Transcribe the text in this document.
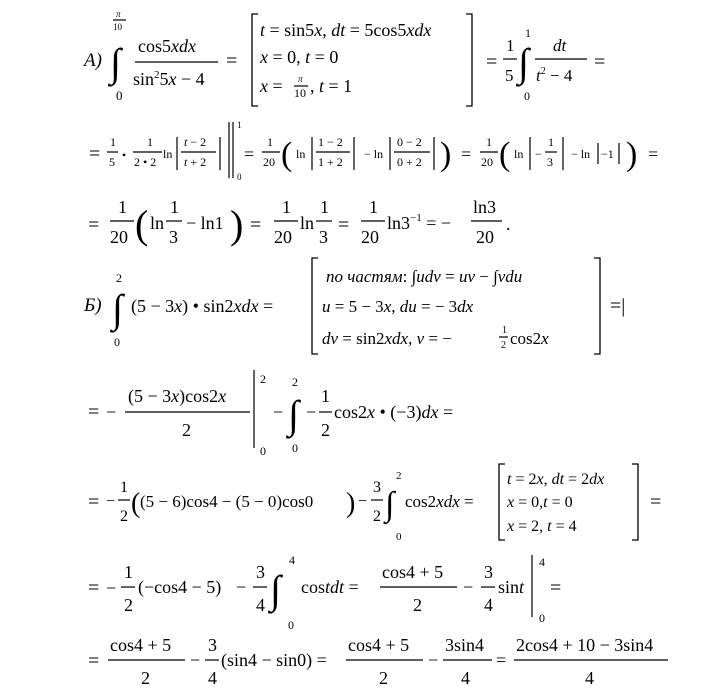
A) ∫
π
10
0
cos5xdx
$\sin^25x - 4$
=
t = sin5x, dt = 5cos5xdx
x = 0, t = 0
x = π
10 , t = 1
=
1
5 ∫
1
0
dt
$t^2 - 4$
=
=
1
5 •
1
2 • 2
ln
t − 2
t + 2
1
0
=
1
20 ( ln
1 − 2
1 + 2
− ln
0 − 2
0 + 2 ) =
1
20 ( ln −
1
3
− ln −1 ) =
=
1
20 ( ln
1
3
− ln1 ) =
1
20
ln
1
3
=
1
20
$\ln 3^{-1}$ = −
ln3
20
.
Б) ∫
2
0
(5 − 3x) • sin2xdx =
по частям: ∫udv = uv − ∫vdu
u = 5 − 3x, du = − 3dx
dv = sin2xdx, v = −	1
2 cos2x
=|
= −
(5 − 3x)cos2x
2
2
0
− ∫
2
0
−
1
2
cos2x • (−3)dx =
= −
1
2 ( (5 − 6)cos4 − (5 − 0)cos0 ) −
3
2 ∫
2
0
cos2xdx =
t = 2x, dt = 2dx
x = 0,t = 0
x = 2, t = 4
=
= −
1
2
(−cos4 − 5) −
3
4 ∫
4
0
costdt =
cos4 + 5
2
−
3
4
sint
4
0
=
=
cos4 + 5
2
−
3
4
(sin4 − sin0) =
cos4 + 5
2
−
3sin4
4
=
2cos4 + 10 − 3sin4
4
